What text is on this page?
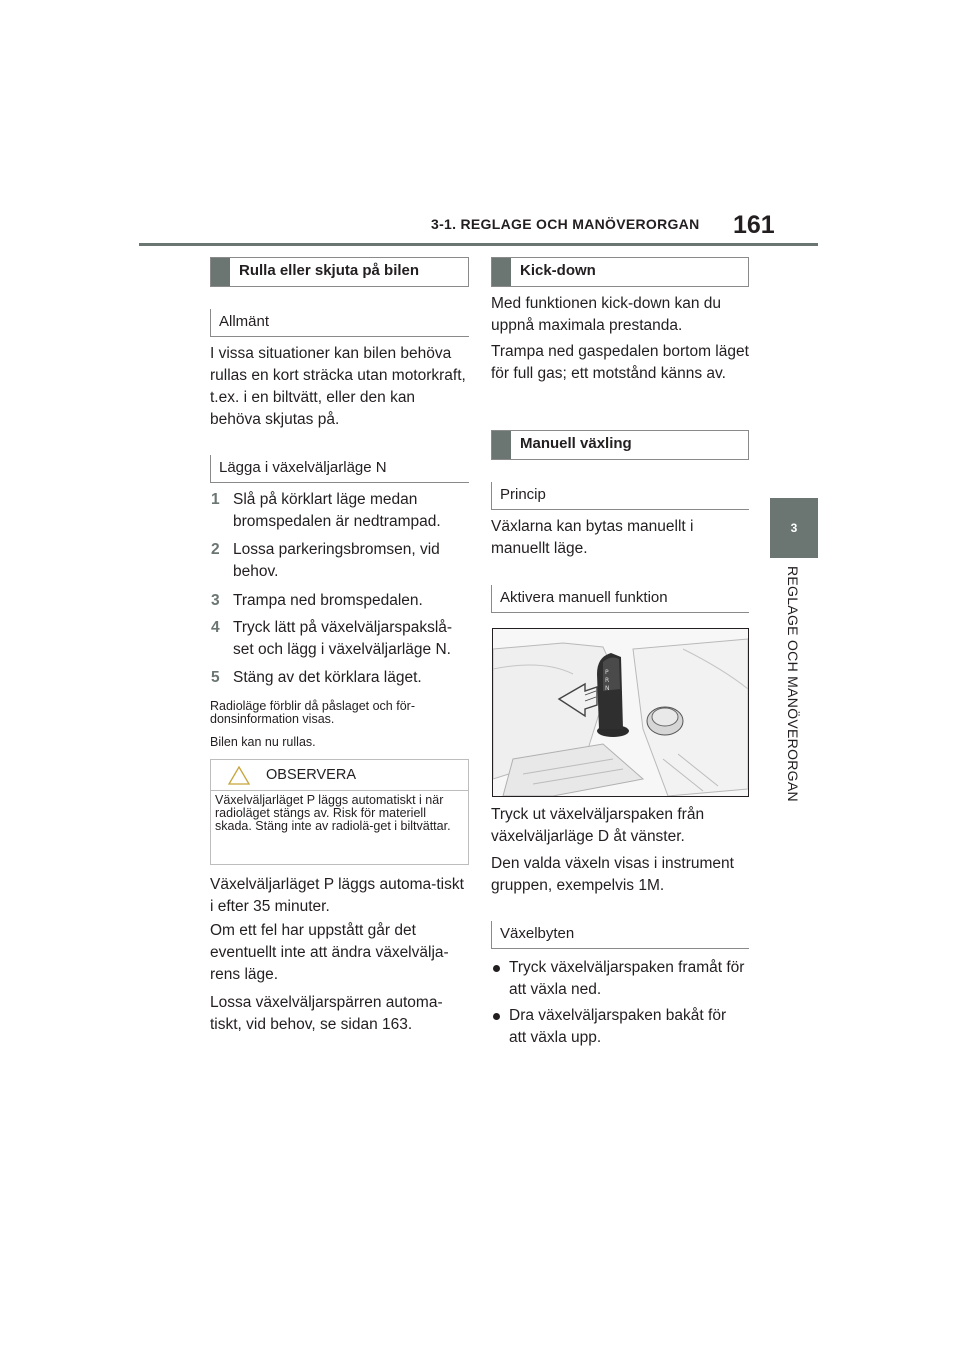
3-1. REGLAGE OCH MANÖVERORGAN 161
3
REGLAGE OCH MANÖVERORGAN
Rulla eller skjuta på bilen
Allmänt
I vissa situationer kan bilen behöva rullas en kort sträcka utan motorkraft, t.ex. i en biltvätt, eller den kan behöva skjutas på.
Lägga i växelväljarläge N
1 Slå på körklart läge medan bromspedalen är nedtrampad.
2 Lossa parkeringsbromsen, vid behov.
3 Trampa ned bromspedalen.
4 Tryck lätt på växelväljarspakslå-set och lägg i växelväljarläge N.
5 Stäng av det körklara läget.
Radioläge förblir då påslaget och för-donsinformation visas.
Bilen kan nu rullas.
OBSERVERA
Växelväljarläget P läggs automatiskt i när radioläget stängs av. Risk för materiell skada. Stäng inte av radiolä-get i biltvättar.
Växelväljarläget P läggs automa-tiskt i efter 35 minuter.
Om ett fel har uppstått går det eventuellt inte att ändra växelvälja-rens läge.
Lossa växelväljarspärren automa-tiskt, vid behov, se sidan 163.
Kick-down
Med funktionen kick-down kan du uppnå maximala prestanda.
Trampa ned gaspedalen bortom läget för full gas; ett motstånd känns av.
Manuell växling
Princip
Växlarna kan bytas manuellt i manuellt läge.
Aktivera manuell funktion
P
R
N
Tryck ut växelväljarspaken från växelväljarläge D åt vänster.
Den valda växeln visas i instrument gruppen, exempelvis 1M.
Växelbyten
Tryck växelväljarspaken framåt för att växla ned.
Dra växelväljarspaken bakåt för att växla upp.
